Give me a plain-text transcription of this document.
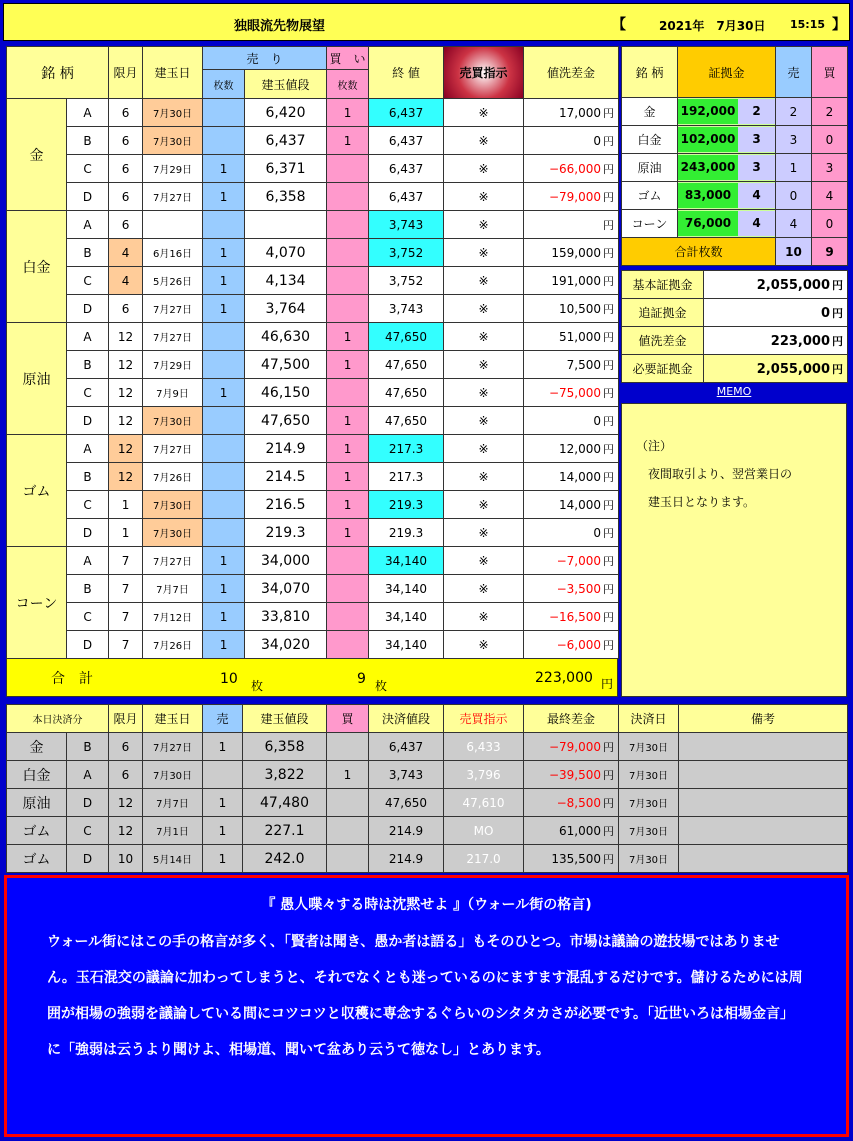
独眼流先物展望	【	2021年　7月30日 15:15 】
銘 柄		限月	建玉日	売　り		買　い	終 値	売買指示	値洗差金
				枚数	建玉値段	枚数			
金	A	6	7月30日		6,420	1	6,437	※	17,000 円
	B	6	7月30日		6,437	1	6,437	※	0 円
	C	6	7月29日	1	6,371		6,437	※	−66,000 円
	D	6	7月27日	1	6,358		6,437	※	−79,000 円
白金	A	6					3,743	※	円
	B	4	6月16日	1	4,070		3,752	※	159,000 円
	C	4	5月26日	1	4,134		3,752	※	191,000 円
	D	6	7月27日	1	3,764		3,743	※	10,500 円
原油	A	12	7月27日		46,630	1	47,650	※	51,000 円
	B	12	7月29日		47,500	1	47,650	※	7,500 円
	C	12	7月9日	1	46,150		47,650	※	−75,000 円
	D	12	7月30日		47,650	1	47,650	※	0 円
ゴム	A	12	7月27日		214.9	1	217.3	※	12,000 円
	B	12	7月26日		214.5	1	217.3	※	14,000 円
	C	1	7月30日		216.5	1	219.3	※	14,000 円
	D	1	7月30日		219.3	1	219.3	※	0 円
コーン	A	7	7月27日	1	34,000		34,140	※	−7,000 円
	B	7	7月7日	1	34,070		34,140	※	−3,500 円
	C	7	7月12日	1	33,810		34,140	※	−16,500 円
	D	7	7月26日	1	34,020		34,140	※	−6,000 円
合　計	10 枚	9 枚	223,000 円
銘 柄	証拠金	売	買
金	192,000 2	2	2
白金	102,000 3	3	0
原油	243,000 3	1	3
ゴム	83,000 4	0	4
コーン	76,000 4	4	0
合計枚数		10	9
基本証拠金	2,055,000 円
追証拠金	0 円
値洗差金	223,000 円
必要証拠金	2,055,000 円
MEMO
（注）
　夜間取引より、翌営業日の
　建玉日となります。
本日決済分		限月	建玉日	売	建玉値段	買	決済値段	売買指示	最終差金	決済日	備考
金	B	6	7月27日	1	6,358		6,437	6,433	−79,000 円	7月30日	
白金	A	6	7月30日		3,822	1	3,743	3,796	−39,500 円	7月30日	
原油	D	12	7月7日	1	47,480		47,650	47,610	−8,500 円	7月30日	
ゴム	C	12	7月1日	1	227.1		214.9	MO	61,000 円	7月30日	
ゴム	D	10	5月14日	1	242.0		214.9	217.0	135,500 円	7月30日	
『 愚人喋々する時は沈黙せよ 』（ウォール街の格言)
ウォール街にはこの手の格言が多く、「賢者は聞き、愚か者は語る」もそのひとつ。市場は議論の遊技場ではありません。玉石混交の議論に加わってしまうと、それでなくとも迷っているのにますます混乱するだけです。儲けるためには周囲が相場の強弱を議論している間にコツコツと収穫に専念するぐらいのシタタカさが必要です。「近世いろは相場金言」に「強弱は云うより聞けよ、相場道、聞いて盆あり云うて徳なし」とあります。
